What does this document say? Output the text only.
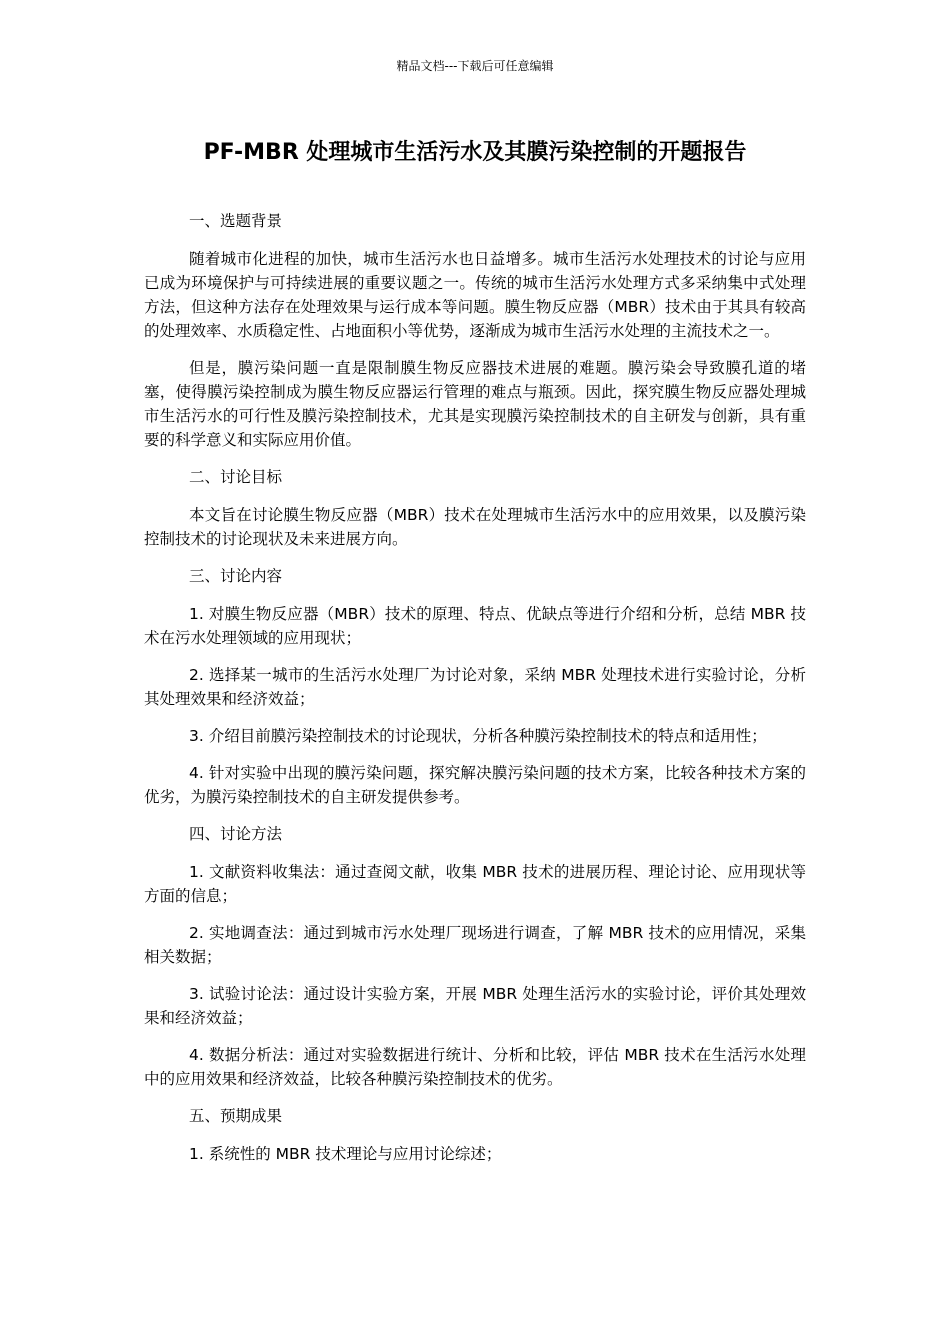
精品文档---下载后可任意编辑
PF-MBR 处理城市生活污水及其膜污染控制的开题报告

一、选题背景

随着城市化进程的加快，城市生活污水也日益增多。城市生活污水处理技术的讨论与应用已成为环境保护与可持续进展的重要议题之一。传统的城市生活污水处理方式多采纳集中式处理方法，但这种方法存在处理效果与运行成本等问题。膜生物反应器（MBR）技术由于其具有较高的处理效率、水质稳定性、占地面积小等优势，逐渐成为城市生活污水处理的主流技术之一。

但是，膜污染问题一直是限制膜生物反应器技术进展的难题。膜污染会导致膜孔道的堵塞，使得膜污染控制成为膜生物反应器运行管理的难点与瓶颈。因此，探究膜生物反应器处理城市生活污水的可行性及膜污染控制技术，尤其是实现膜污染控制技术的自主研发与创新，具有重要的科学意义和实际应用价值。

二、讨论目标

本文旨在讨论膜生物反应器（MBR）技术在处理城市生活污水中的应用效果，以及膜污染控制技术的讨论现状及未来进展方向。

三、讨论内容

1. 对膜生物反应器（MBR）技术的原理、特点、优缺点等进行介绍和分析，总结 MBR 技术在污水处理领域的应用现状；

2. 选择某一城市的生活污水处理厂为讨论对象，采纳 MBR 处理技术进行实验讨论，分析其处理效果和经济效益；

3. 介绍目前膜污染控制技术的讨论现状，分析各种膜污染控制技术的特点和适用性；

4. 针对实验中出现的膜污染问题，探究解决膜污染问题的技术方案，比较各种技术方案的优劣，为膜污染控制技术的自主研发提供参考。

四、讨论方法

1. 文献资料收集法：通过查阅文献，收集 MBR 技术的进展历程、理论讨论、应用现状等方面的信息；

2. 实地调查法：通过到城市污水处理厂现场进行调查，了解 MBR 技术的应用情况，采集相关数据；

3. 试验讨论法：通过设计实验方案，开展 MBR 处理生活污水的实验讨论，评价其处理效果和经济效益；

4. 数据分析法：通过对实验数据进行统计、分析和比较，评估 MBR 技术在生活污水处理中的应用效果和经济效益，比较各种膜污染控制技术的优劣。

五、预期成果

1. 系统性的 MBR 技术理论与应用讨论综述；
